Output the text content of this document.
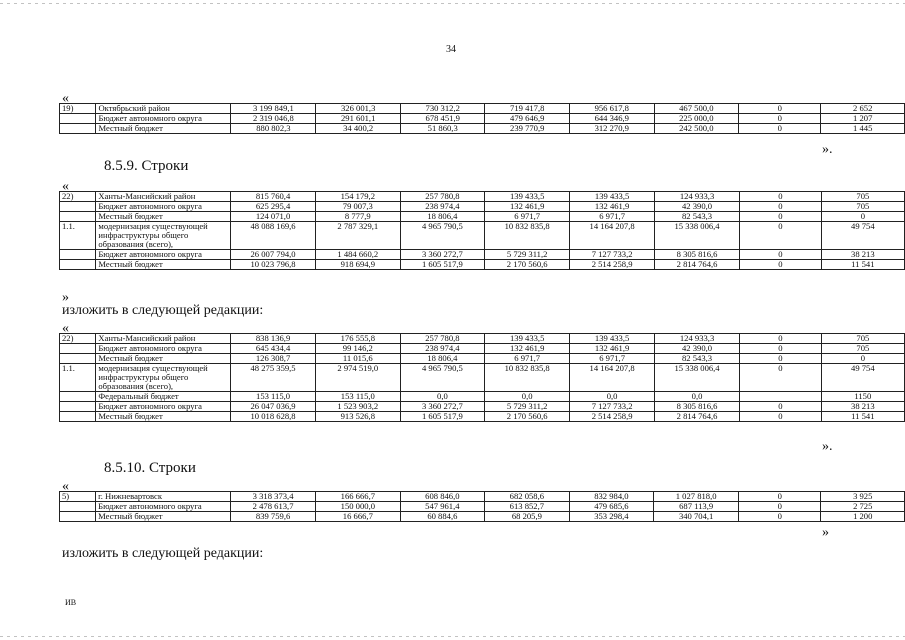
34
«
19)	Октябрьский район	3 199 849,1	326 001,3	730 312,2	719 417,8	956 617,8	467 500,0	0	2 652
	Бюджет автономного округа	2 319 046,8	291 601,1	678 451,9	479 646,9	644 346,9	225 000,0	0	1 207
	Местный бюджет	880 802,3	34 400,2	51 860,3	239 770,9	312 270,9	242 500,0	0	1 445
».
8.5.9. Строки
«
22)	Ханты-Мансийский район	815 760,4	154 179,2	257 780,8	139 433,5	139 433,5	124 933,3	0	705
	Бюджет автономного округа	625 295,4	79 007,3	238 974,4	132 461,9	132 461,9	42 390,0	0	705
	Местный бюджет	124 071,0	8 777,9	18 806,4	6 971,7	6 971,7	82 543,3	0	0
1.1.	модернизация существующей инфраструктуры общего образования (всего),	48 088 169,6	2 787 329,1	4 965 790,5	10 832 835,8	14 164 207,8	15 338 006,4	0	49 754
	Бюджет автономного округа	26 007 794,0	1 484 660,2	3 360 272,7	5 729 311,2	7 127 733,2	8 305 816,6	0	38 213
	Местный бюджет	10 023 796,8	918 694,9	1 605 517,9	2 170 560,6	2 514 258,9	2 814 764,6	0	11 541
»
изложить в следующей редакции:
«
22)	Ханты-Мансийский район	838 136,9	176 555,8	257 780,8	139 433,5	139 433,5	124 933,3	0	705
	Бюджет автономного округа	645 434,4	99 146,2	238 974,4	132 461,9	132 461,9	42 390,0	0	705
	Местный бюджет	126 308,7	11 015,6	18 806,4	6 971,7	6 971,7	82 543,3	0	0
1.1.	модернизация существующей инфраструктуры общего образования (всего),	48 275 359,5	2 974 519,0	4 965 790,5	10 832 835,8	14 164 207,8	15 338 006,4	0	49 754
	Федеральный бюджет	153 115,0	153 115,0	0,0	0,0	0,0	0,0		1150
	Бюджет автономного округа	26 047 036,9	1 523 903,2	3 360 272,7	5 729 311,2	7 127 733,2	8 305 816,6	0	38 213
	Местный бюджет	10 018 628,8	913 526,8	1 605 517,9	2 170 560,6	2 514 258,9	2 814 764,6	0	11 541
».
8.5.10. Строки
«
5)	г. Нижневартовск	3 318 373,4	166 666,7	608 846,0	682 058,6	832 984,0	1 027 818,0	0	3 925
	Бюджет автономного округа	2 478 613,7	150 000,0	547 961,4	613 852,7	479 685,6	687 113,9	0	2 725
	Местный бюджет	839 759,6	16 666,7	60 884,6	68 205,9	353 298,4	340 704,1	0	1 200
»
изложить в следующей редакции:
ИВ
